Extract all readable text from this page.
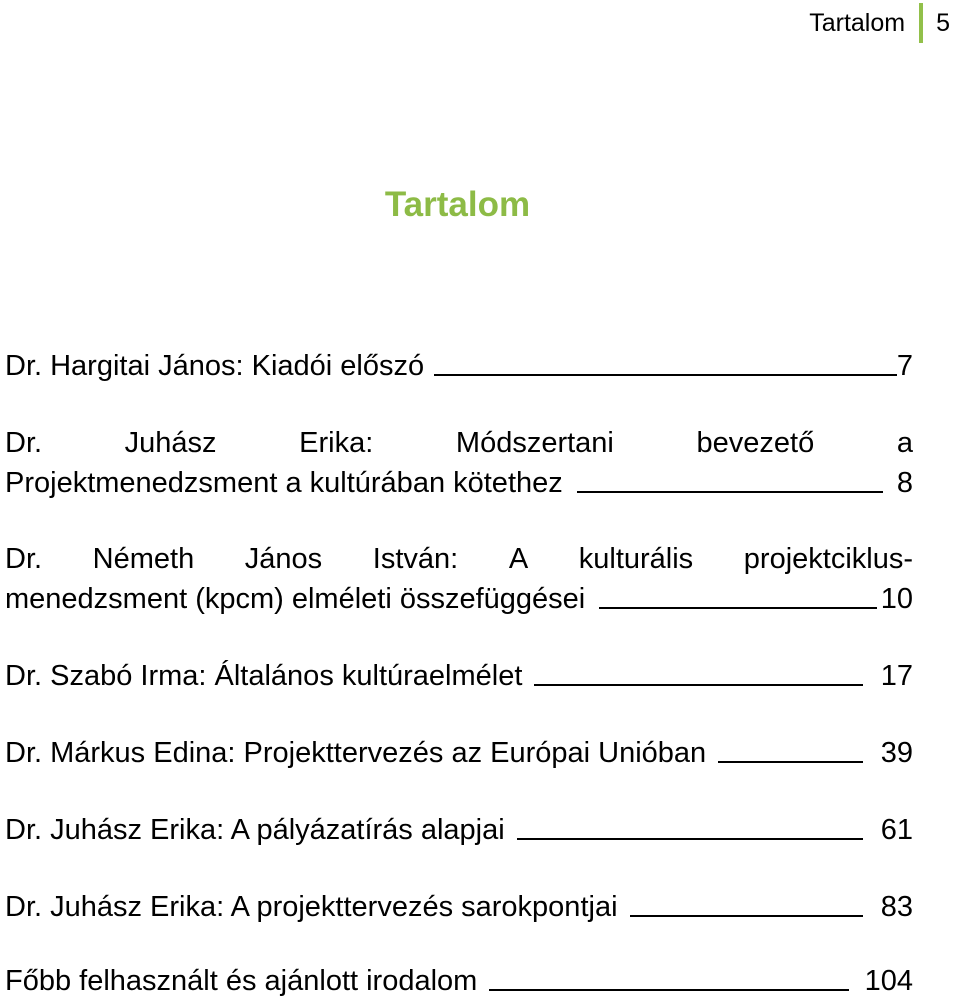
Tartalom	5
Tartalom
Dr. Hargitai János: Kiadói előszó	7
Dr.	Juhász	Erika:	Módszertani	bevezető	a
Projektmenedzsment a kultúrában kötethez	8
Dr. Németh János István: A kulturális projektciklus-
menedzsment (kpcm) elméleti összefüggései	10
Dr. Szabó Irma: Általános kultúraelmélet	17
Dr. Márkus Edina: Projekttervezés az Európai Unióban	39
Dr. Juhász Erika: A pályázatírás alapjai	61
Dr. Juhász Erika: A projekttervezés sarokpontjai	83
Főbb felhasznált és ajánlott irodalom	104
